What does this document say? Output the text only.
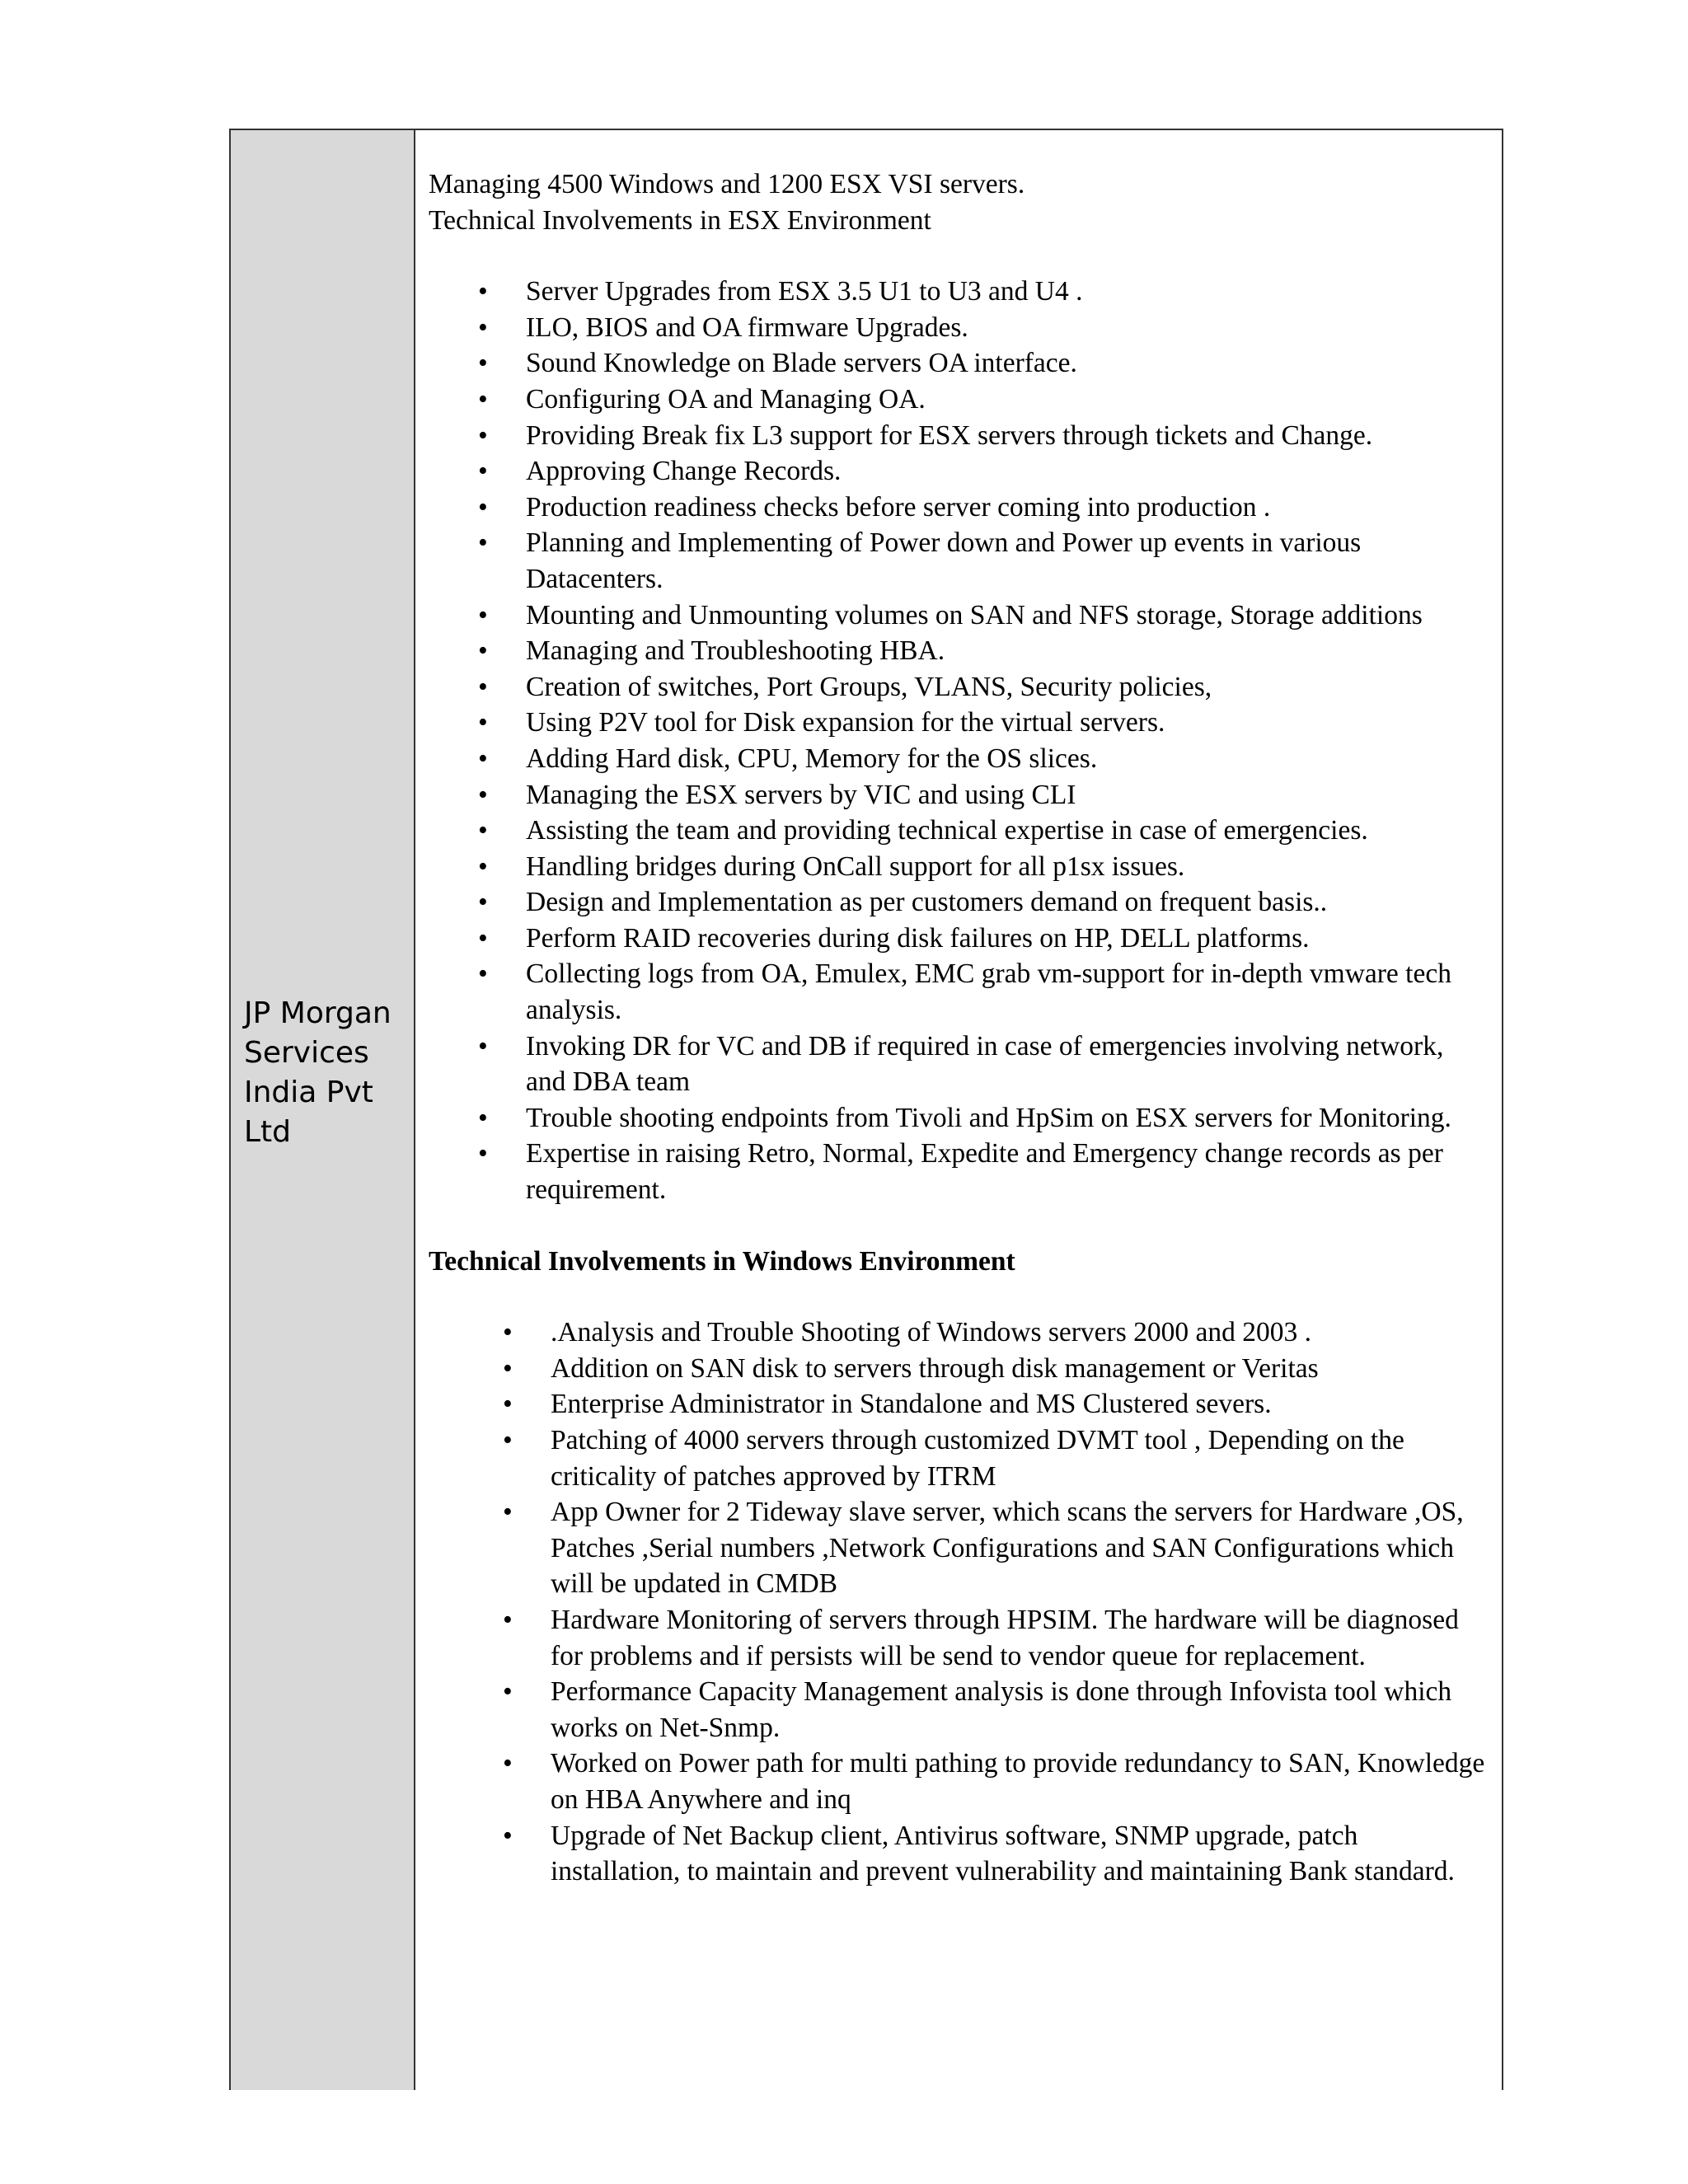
JP Morgan
Services
India Pvt
Ltd
Managing 4500 Windows and 1200 ESX VSI servers.
Technical Involvements in ESX Environment
• Server Upgrades from ESX 3.5 U1 to U3 and U4 .
• ILO, BIOS and OA firmware Upgrades.
• Sound Knowledge on Blade servers OA interface.
• Configuring OA and Managing OA.
• Providing Break fix L3 support for ESX servers through tickets and Change.
• Approving Change Records.
• Production readiness checks before server coming into production .
• Planning and Implementing of Power down and Power up events in various Datacenters.
• Mounting and Unmounting volumes on SAN and NFS storage, Storage additions
• Managing and Troubleshooting HBA.
• Creation of switches, Port Groups, VLANS, Security policies,
• Using P2V tool for Disk expansion for the virtual servers.
• Adding Hard disk, CPU, Memory for the OS slices.
• Managing the ESX servers by VIC and using CLI
• Assisting the team and providing technical expertise in case of emergencies.
• Handling bridges during OnCall support for all p1sx issues.
• Design and Implementation as per customers demand on frequent basis..
• Perform RAID recoveries during disk failures on HP, DELL platforms.
• Collecting logs from OA, Emulex, EMC grab vm-support for in-depth vmware tech analysis.
• Invoking DR for VC and DB if required in case of emergencies involving network, and DBA team
• Trouble shooting endpoints from Tivoli and HpSim on ESX servers for Monitoring.
• Expertise in raising Retro, Normal, Expedite and Emergency change records as per requirement.
Technical Involvements in Windows Environment
• .Analysis and Trouble Shooting of Windows servers 2000 and 2003 .
• Addition on SAN disk to servers through disk management or Veritas
• Enterprise Administrator in Standalone and MS Clustered severs.
• Patching of 4000 servers through customized DVMT tool , Depending on the criticality of patches approved by ITRM
• App Owner for 2 Tideway slave server, which scans the servers for Hardware ,OS, Patches ,Serial numbers ,Network Configurations and SAN Configurations which will be updated in CMDB
• Hardware Monitoring of servers through HPSIM. The hardware will be diagnosed for problems and if persists will be send to vendor queue for replacement.
• Performance Capacity Management analysis is done through Infovista tool which works on Net-Snmp.
• Worked on Power path for multi pathing to provide redundancy to SAN, Knowledge on HBA Anywhere and inq
• Upgrade of Net Backup client, Antivirus software, SNMP upgrade, patch installation, to maintain and prevent vulnerability and maintaining Bank standard.
